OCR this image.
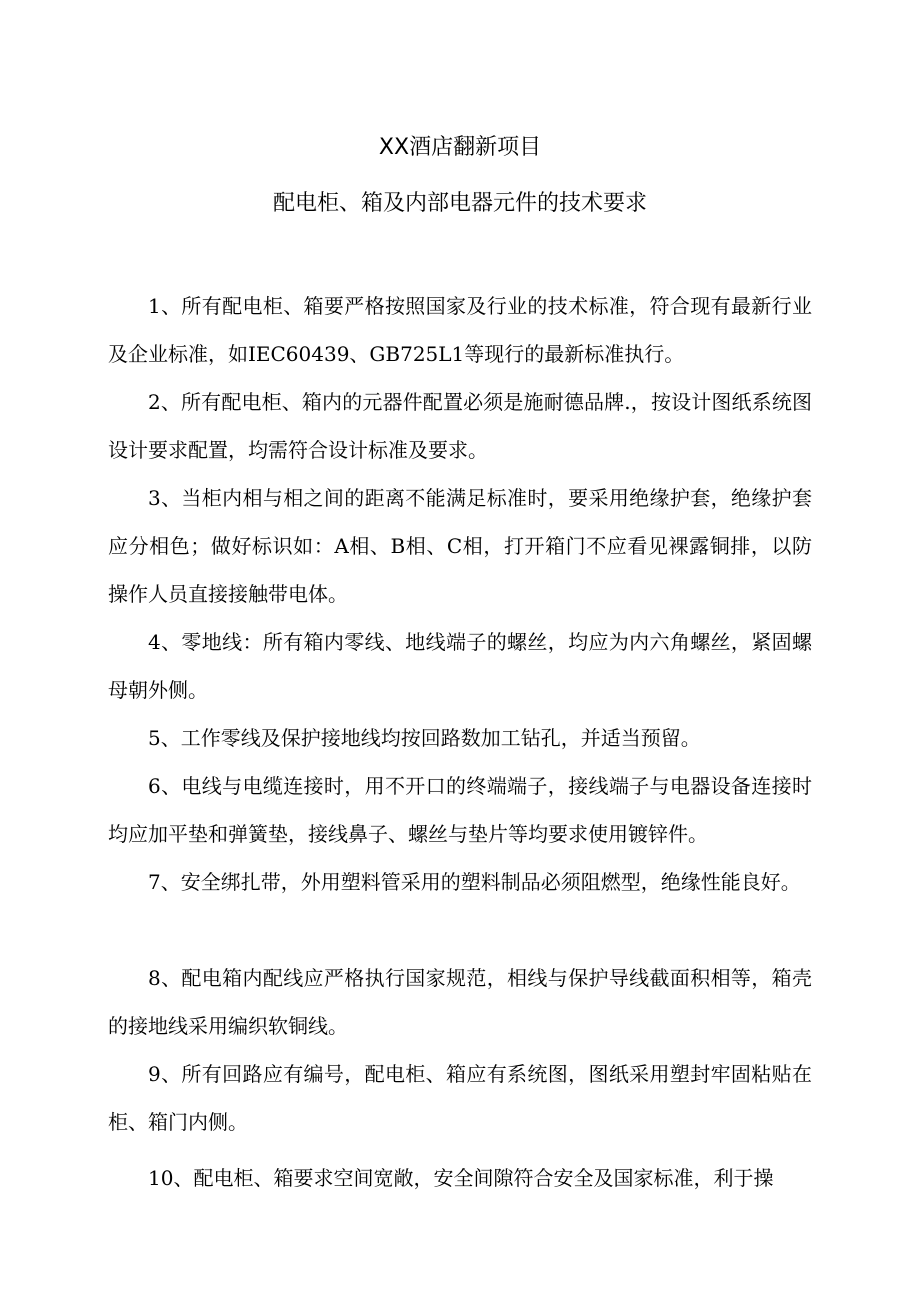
XX酒店翻新项目
配电柜、箱及内部电器元件的技术要求

1、所有配电柜、箱要严格按照国家及行业的技术标准，符合现有最新行业及企业标准，如IEC60439、GB725L1等现行的最新标准执行。

2、所有配电柜、箱内的元器件配置必须是施耐德品牌.，按设计图纸系统图设计要求配置，均需符合设计标准及要求。

3、当柜内相与相之间的距离不能满足标准时，要采用绝缘护套，绝缘护套应分相色；做好标识如：A相、B相、C相，打开箱门不应看见裸露铜排，以防操作人员直接接触带电体。

4、零地线：所有箱内零线、地线端子的螺丝，均应为内六角螺丝，紧固螺母朝外侧。

5、工作零线及保护接地线均按回路数加工钻孔，并适当预留。

6、电线与电缆连接时，用不开口的终端端子，接线端子与电器设备连接时均应加平垫和弹簧垫，接线鼻子、螺丝与垫片等均要求使用镀锌件。

7、安全绑扎带，外用塑料管采用的塑料制品必须阻燃型，绝缘性能良好。

8、配电箱内配线应严格执行国家规范，相线与保护导线截面积相等，箱壳的接地线采用编织软铜线。

9、所有回路应有编号，配电柜、箱应有系统图，图纸采用塑封牢固粘贴在柜、箱门内侧。

10、配电柜、箱要求空间宽敞，安全间隙符合安全及国家标准，利于操
